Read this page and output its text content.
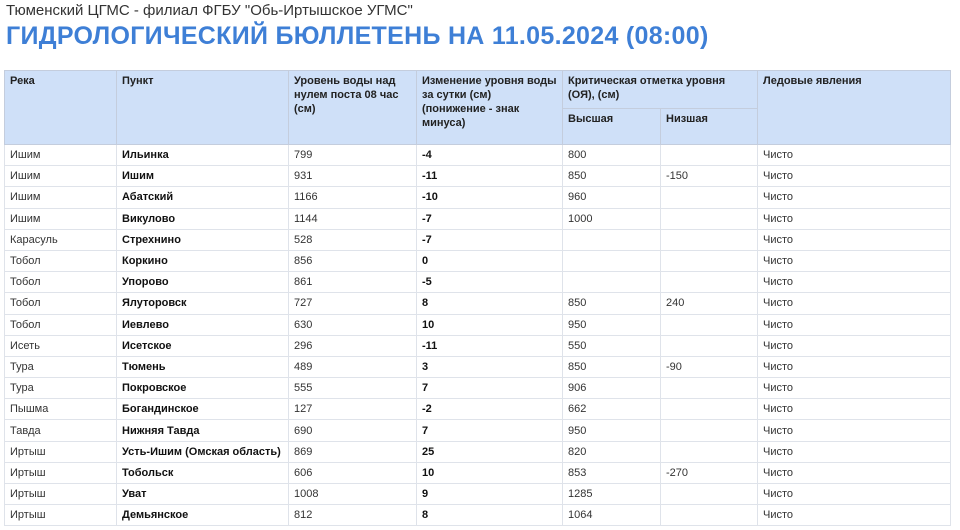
Тюменский ЦГМС - филиал ФГБУ "Обь-Иртышское УГМС"
ГИДРОЛОГИЧЕСКИЙ БЮЛЛЕТЕНЬ НА 11.05.2024 (08:00)
Река	Пункт	Уровень воды над нулем поста 08 час (см)	Изменение уровня воды за сутки (см) (понижение - знак минуса)	Критическая отметка уровня (ОЯ), (см)		Ледовые явления
				Высшая	Низшая	
Ишим	Ильинка	799	-4	800		Чисто
Ишим	Ишим	931	-11	850	-150	Чисто
Ишим	Абатский	1166	-10	960		Чисто
Ишим	Викулово	1144	-7	1000		Чисто
Карасуль	Стрехнино	528	-7			Чисто
Тобол	Коркино	856	0			Чисто
Тобол	Упорово	861	-5			Чисто
Тобол	Ялуторовск	727	8	850	240	Чисто
Тобол	Иевлево	630	10	950		Чисто
Исеть	Исетское	296	-11	550		Чисто
Тура	Тюмень	489	3	850	-90	Чисто
Тура	Покровское	555	7	906		Чисто
Пышма	Богандинское	127	-2	662		Чисто
Тавда	Нижняя Тавда	690	7	950		Чисто
Иртыш	Усть-Ишим (Омская область)	869	25	820		Чисто
Иртыш	Тобольск	606	10	853	-270	Чисто
Иртыш	Уват	1008	9	1285		Чисто
Иртыш	Демьянское	812	8	1064		Чисто
